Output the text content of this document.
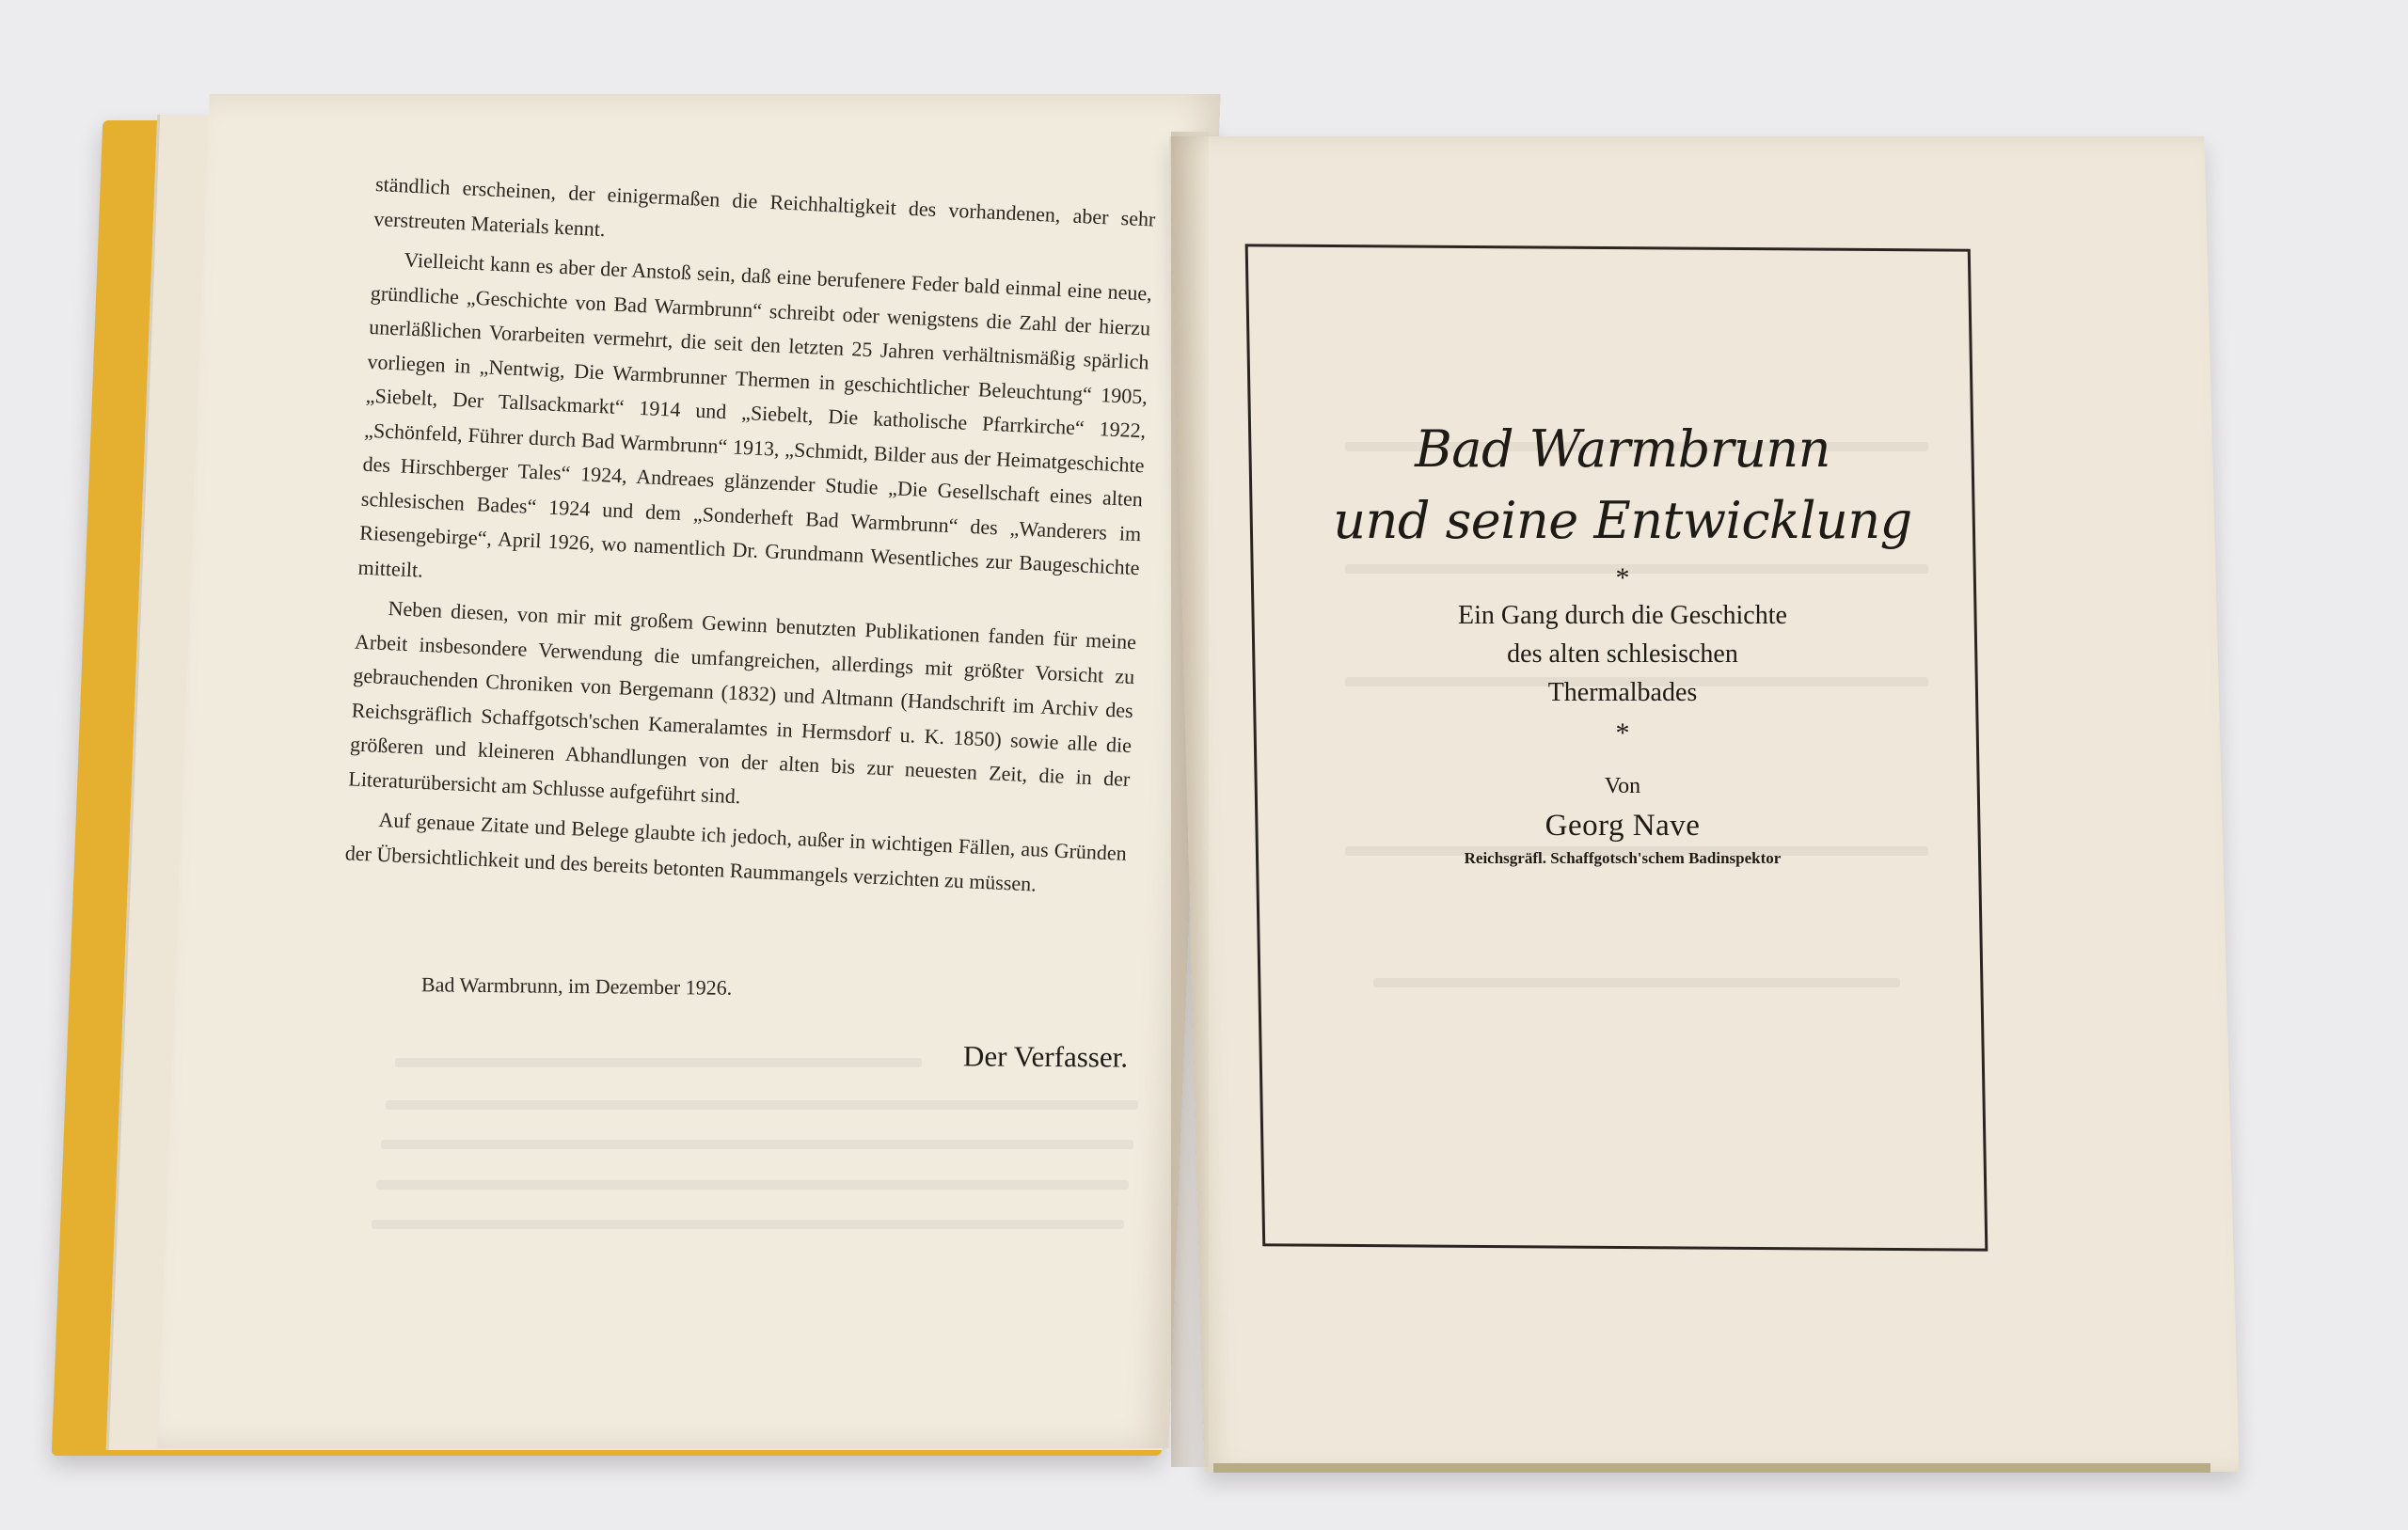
ständlich erscheinen, der einigermaßen die Reichhaltigkeit des vorhandenen, aber sehr verstreuten Materials kennt.

Vielleicht kann es aber der Anstoß sein, daß eine berufenere Feder bald einmal eine neue, gründliche „Geschichte von Bad Warmbrunn“ schreibt oder wenigstens die Zahl der hierzu unerläßlichen Vorarbeiten vermehrt, die seit den letzten 25 Jahren verhältnismäßig spärlich vorliegen in „Nentwig, Die Warmbrunner Thermen in geschichtlicher Beleuchtung“ 1905, „Siebelt, Der Tallsackmarkt“ 1914 und „Siebelt, Die katholische Pfarrkirche“ 1922, „Schönfeld, Führer durch Bad Warmbrunn“ 1913, „Schmidt, Bilder aus der Heimatgeschichte des Hirschberger Tales“ 1924, Andreaes glänzender Studie „Die Gesellschaft eines alten schlesischen Bades“ 1924 und dem „Sonderheft Bad Warmbrunn“ des „Wanderers im Riesengebirge“, April 1926, wo namentlich Dr. Grundmann Wesentliches zur Baugeschichte mitteilt.

Neben diesen, von mir mit großem Gewinn benutzten Publikationen fanden für meine Arbeit insbesondere Verwendung die umfangreichen, allerdings mit größter Vorsicht zu gebrauchenden Chroniken von Bergemann (1832) und Altmann (Handschrift im Archiv des Reichsgräflich Schaffgotsch'schen Kameralamtes in Hermsdorf u. K. 1850) sowie alle die größeren und kleineren Abhandlungen von der alten bis zur neuesten Zeit, die in der Literaturübersicht am Schlusse aufgeführt sind.

Auf genaue Zitate und Belege glaubte ich jedoch, außer in wichtigen Fällen, aus Gründen der Übersichtlichkeit und des bereits betonten Raummangels verzichten zu müssen.

Bad Warmbrunn, im Dezember 1926.
Der Verfasser.

Bad Warmbrunn

und seine Entwicklung

*

Ein Gang durch die Geschichte

des alten schlesischen

Thermalbades

*
Von
Georg Nave
Reichsgräfl. Schaffgotsch'schem Badinspektor
